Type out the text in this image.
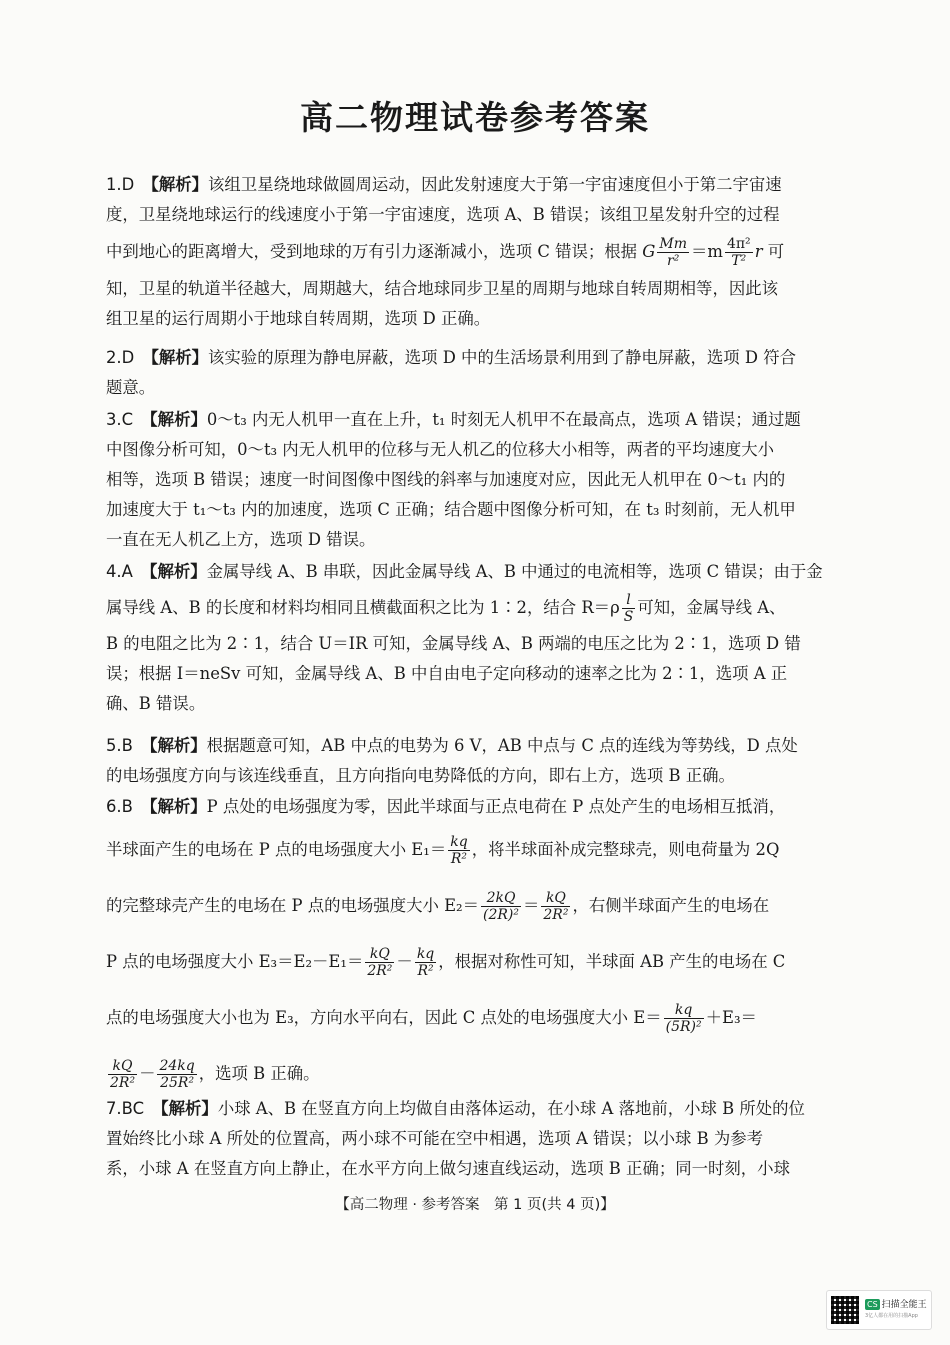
高二物理试卷参考答案
1.D　 【解析】该组卫星绕地球做圆周运动，因此发射速度大于第一宇宙速度但小于第二宇宙速
度，卫星绕地球运行的线速度小于第一宇宙速度，选项 A、B 错误；该组卫星发射升空的过程
中到地心的距离增大，受到地球的万有引力逐渐减小，选项 C 错误；根据 G $\frac{Mm}{\text{r²}} =m \frac{\text{4π²}}{\text{T²}}$ r 可
知，卫星的轨道半径越大，周期越大，结合地球同步卫星的周期与地球自转周期相等，因此该
组卫星的运行周期小于地球自转周期，选项 D 正确。
2.D　 【解析】该实验的原理为静电屏蔽，选项 D 中的生活场景利用到了静电屏蔽，选项 D 符合
题意。
3.C　 【解析】0～t₃ 内无人机甲一直在上升，t₁ 时刻无人机甲不在最高点，选项 A 错误；通过题
中图像分析可知，0～t₃ 内无人机甲的位移与无人机乙的位移大小相等，两者的平均速度大小
相等，选项 B 错误；速度一时间图像中图线的斜率与加速度对应，因此无人机甲在 0～t₁ 内的
加速度大于 t₁～t₃ 内的加速度，选项 C 正确；结合题中图像分析可知，在 t₃ 时刻前，无人机甲
一直在无人机乙上方，选项 D 错误。
4.A　 【解析】金属导线 A、B 串联，因此金属导线 A、B 中通过的电流相等，选项 C 错误；由于金
属导线 A、B 的长度和材料均相同且横截面积之比为 1∶2，结合 $R=\rho \frac{l}{S}$ 可知，金属导线 A、
B 的电阻之比为 2∶1，结合 U＝IR 可知，金属导线 A、B 两端的电压之比为 2∶1，选项 D 错
误；根据 I＝neSv 可知，金属导线 A、B 中自由电子定向移动的速率之比为 2∶1，选项 A 正
确、B 错误。
5.B　 【解析】根据题意可知，AB 中点的电势为 6 V，AB 中点与 C 点的连线为等势线，D 点处
的电场强度方向与该连线垂直，且方向指向电势降低的方向，即右上方，选项 B 正确。
6.B　 【解析】P 点处的电场强度为零，因此半球面与正点电荷在 P 点处产生的电场相互抵消，
半球面产生的电场在 P 点的电场强度大小 $E_1= \frac{kq}{\text{R²}}$ ，将半球面补成完整球壳，则电荷量为 2Q
的完整球壳产生的电场在 P 点的电场强度大小 $E_2= \frac{2kQ}{\text{(2R)²}} = \frac{kQ}{\text{2R²}}$ ，右侧半球面产生的电场在
P 点的电场强度大小 $E_3=E_2-E_1= \frac{kQ}{\text{2R²}} - \frac{kq}{\text{R²}}$ ，根据对称性可知，半球面 AB 产生的电场在 C
点的电场强度大小也为 E₃，方向水平向右，因此 C 点处的电场强度大小 $E= \frac{kq}{\text{(5R)²}} +E_3=$
$\frac{kQ}{\text{2R²}} - \frac{24kq}{\text{25R²}}$ ，选项 B 正确。
7.BC　 【解析】小球 A、B 在竖直方向上均做自由落体运动，在小球 A 落地前，小球 B 所处的位
置始终比小球 A 所处的位置高，两小球不可能在空中相遇，选项 A 错误；以小球 B 为参考
系，小球 A 在竖直方向上静止，在水平方向上做匀速直线运动，选项 B 正确；同一时刻，小球
【高二物理 · 参考答案　第 1 页(共 4 页)】
CS 扫描全能王
3亿人都在用的扫描App
